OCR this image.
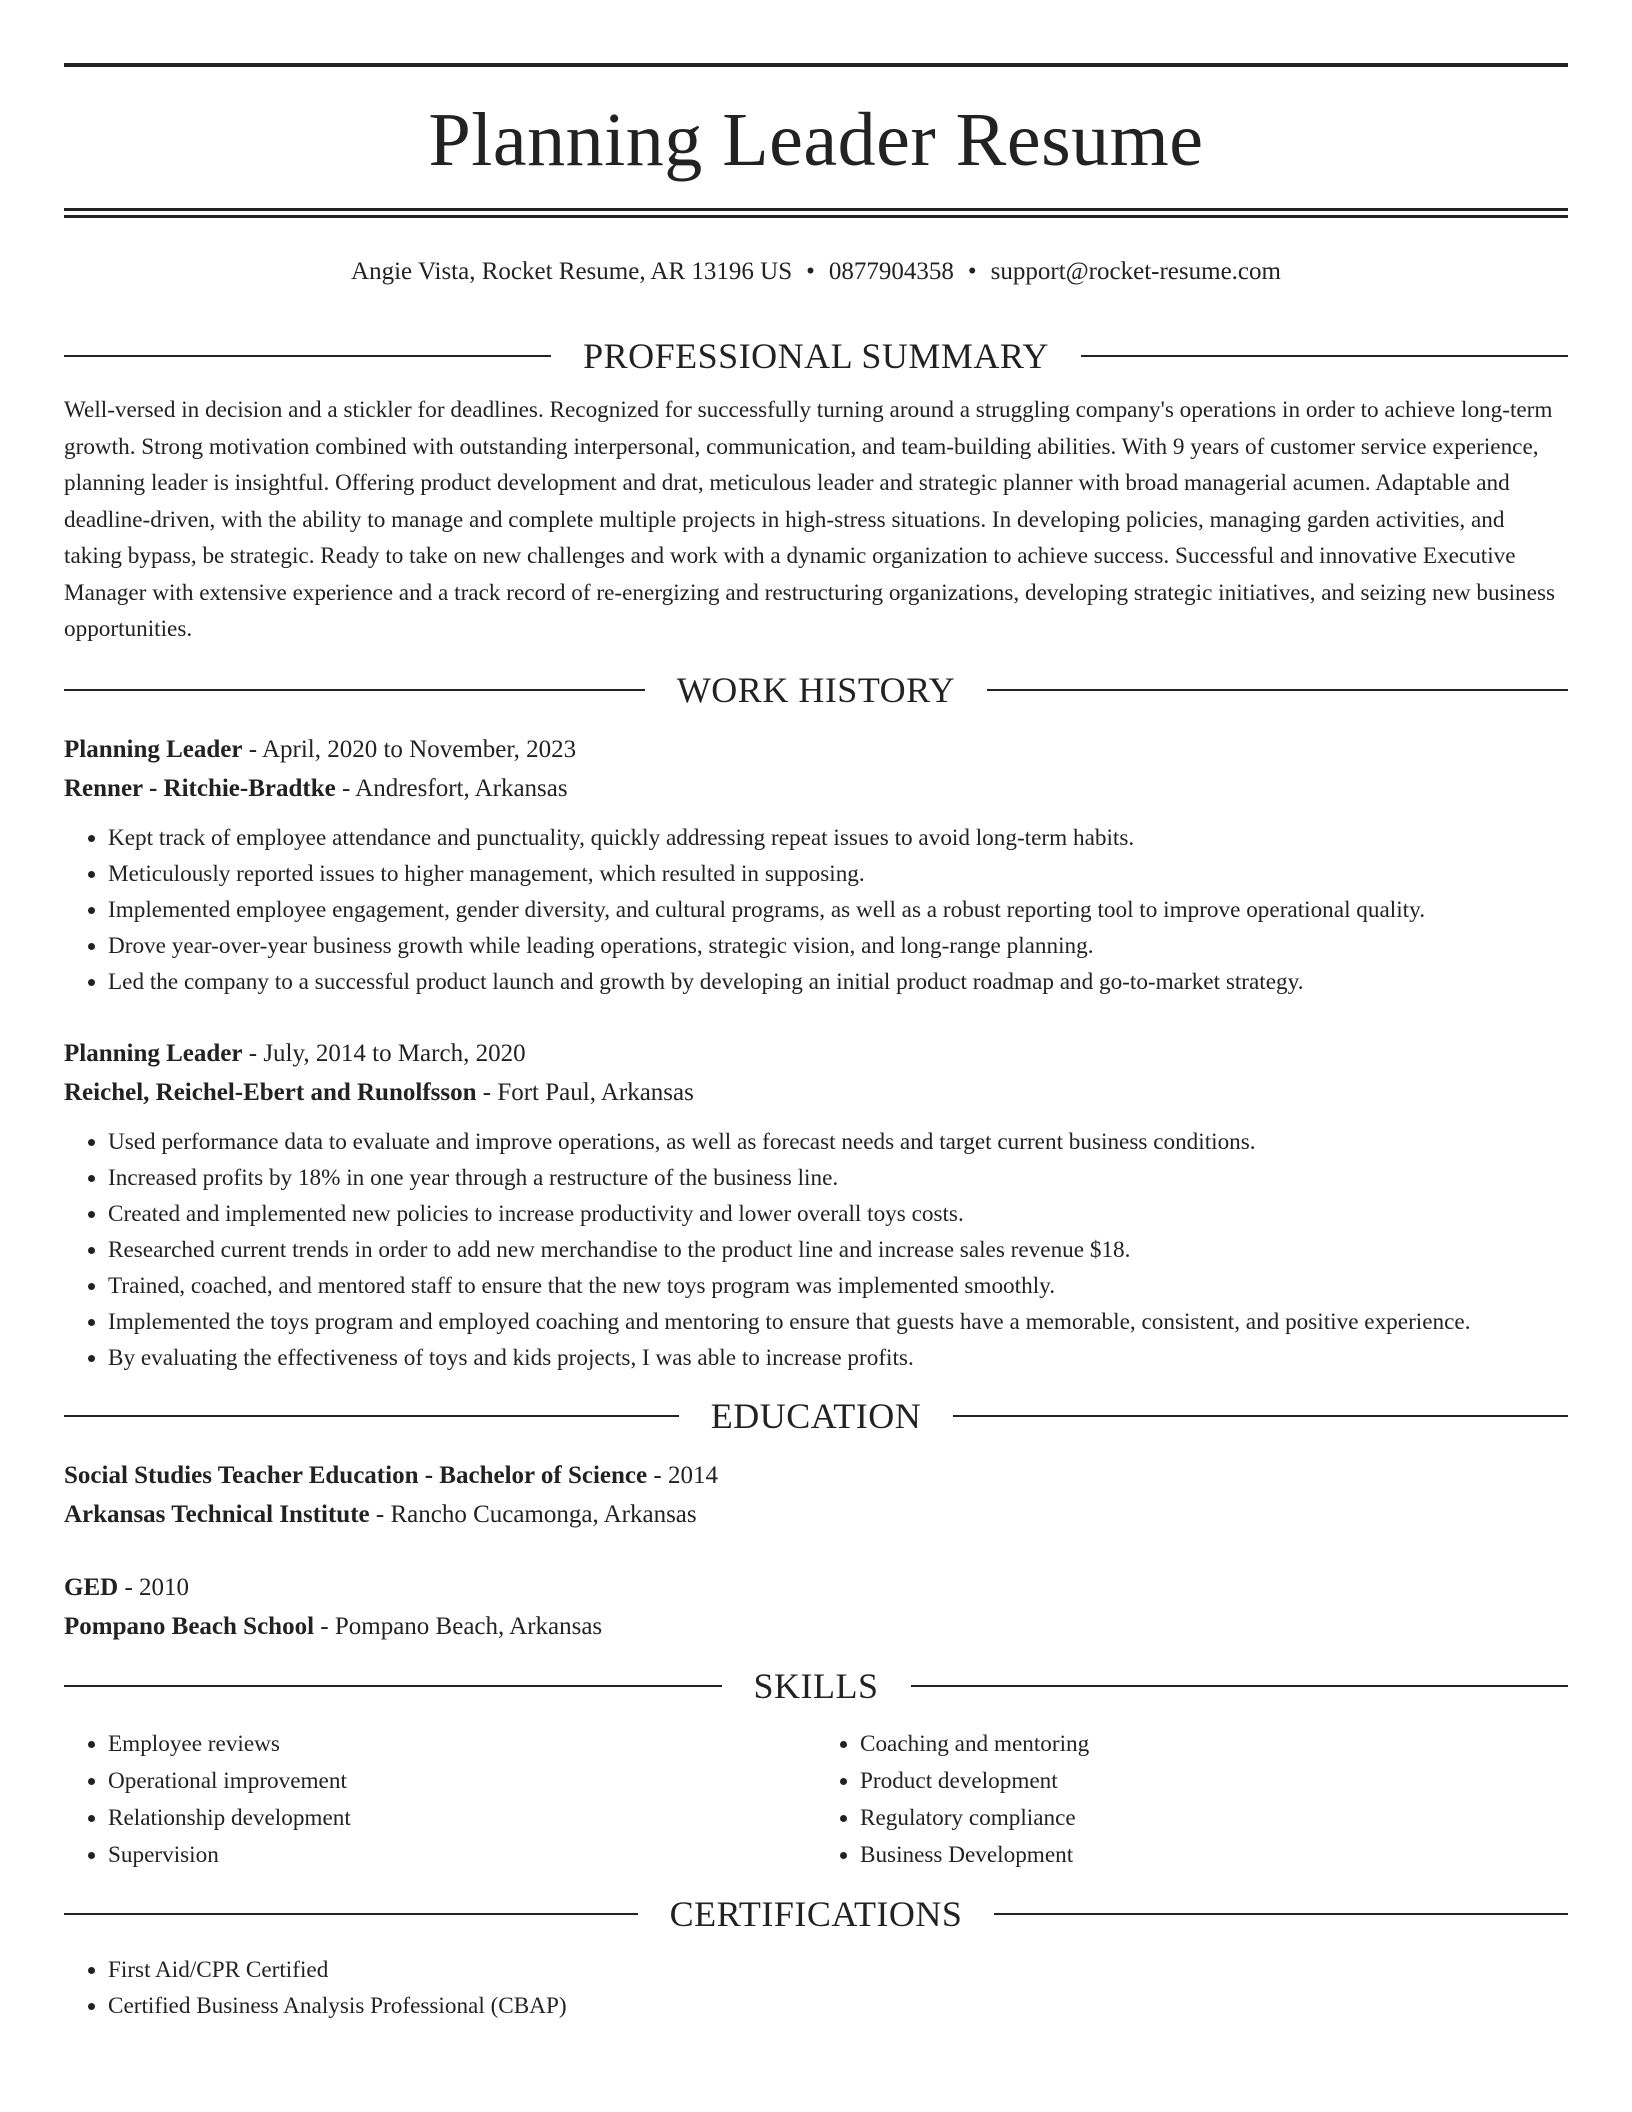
Planning Leader Resume
Angie Vista, Rocket Resume, AR 13196 US • 0877904358 • support@rocket-resume.com
PROFESSIONAL SUMMARY

Well-versed in decision and a stickler for deadlines. Recognized for successfully turning around a struggling company's operations in order to achieve long-term growth. Strong motivation combined with outstanding interpersonal, communication, and team-building abilities. With 9 years of customer service experience, planning leader is insightful. Offering product development and drat, meticulous leader and strategic planner with broad managerial acumen. Adaptable and deadline-driven, with the ability to manage and complete multiple projects in high-stress situations. In developing policies, managing garden activities, and taking bypass, be strategic. Ready to take on new challenges and work with a dynamic organization to achieve success. Successful and innovative Executive Manager with extensive experience and a track record of re-energizing and restructuring organizations, developing strategic initiatives, and seizing new business opportunities.

WORK HISTORY

Planning Leader - April, 2020 to November, 2023

Renner - Ritchie-Bradtke - Andresfort, Arkansas

• Kept track of employee attendance and punctuality, quickly addressing repeat issues to avoid long-term habits.
• Meticulously reported issues to higher management, which resulted in supposing.
• Implemented employee engagement, gender diversity, and cultural programs, as well as a robust reporting tool to improve operational quality.
• Drove year-over-year business growth while leading operations, strategic vision, and long-range planning.
• Led the company to a successful product launch and growth by developing an initial product roadmap and go-to-market strategy.

Planning Leader - July, 2014 to March, 2020

Reichel, Reichel-Ebert and Runolfsson - Fort Paul, Arkansas

• Used performance data to evaluate and improve operations, as well as forecast needs and target current business conditions.
• Increased profits by 18% in one year through a restructure of the business line.
• Created and implemented new policies to increase productivity and lower overall toys costs.
• Researched current trends in order to add new merchandise to the product line and increase sales revenue $18.
• Trained, coached, and mentored staff to ensure that the new toys program was implemented smoothly.
• Implemented the toys program and employed coaching and mentoring to ensure that guests have a memorable, consistent, and positive experience.
• By evaluating the effectiveness of toys and kids projects, I was able to increase profits.
EDUCATION

Social Studies Teacher Education - Bachelor of Science - 2014

Arkansas Technical Institute - Rancho Cucamonga, Arkansas

GED - 2010

Pompano Beach School - Pompano Beach, Arkansas

SKILLS
• Employee reviews
• Operational improvement
• Relationship development
• Supervision
• Coaching and mentoring
• Product development
• Regulatory compliance
• Business Development
CERTIFICATIONS
• First Aid/CPR Certified
• Certified Business Analysis Professional (CBAP)
